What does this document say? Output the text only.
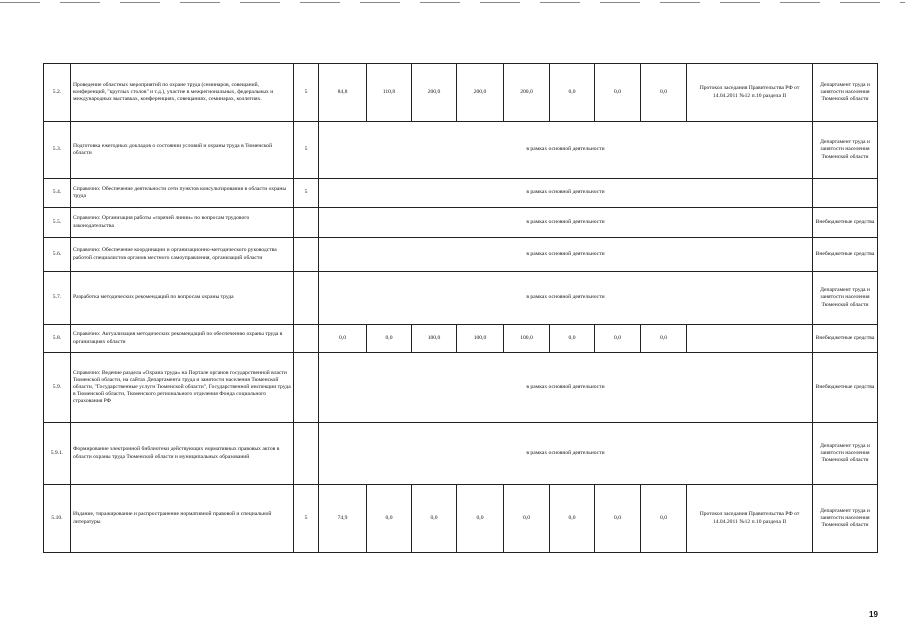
5.2.	Проведение областных мероприятий по охране труда (семинаров, совещаний, конференций, "круглых столов" и т.д.), участие в межрегиональных, федеральных и международных выставках, конференциях, совещаниях, семинарах, коллегиях.	5	84,8	110,8	200,0	200,0	200,0	0,0	0,0	0,0	Протокол заседания Правительства РФ от 14.04.2011 №12 п.10 раздела II	Департамент труда и занятости населения Тюменской области
5.3.	Подготовка ежегодных докладов о состоянии условий и охраны труда в Тюменской области	5	в рамках основной деятельности									Департамент труда и занятости населения Тюменской области
5.4.	Справочно: Обеспечение деятельности сети пунктов консультирования в области охраны труда	5	в рамках основной деятельности									
5.5.	Справочно: Организация работы «горячей линии» по вопросам трудового законодательства		в рамках основной деятельности									Внебюджетные средства
5.6.	Справочно: Обеспечение координации и организационно-методического руководства работой специалистов органов местного самоуправления, организаций области		в рамках основной деятельности									Внебюджетные средства
5.7.	Разработка методических рекомендаций по вопросам охраны труда		в рамках основной деятельности									Департамент труда и занятости населения Тюменской области
5.8.	Справочно: Актуализация методических рекомендаций по обеспечению охраны труда в организациях области		0,0	0,0	100,0	100,0	100,0	0,0	0,0	0,0		Внебюджетные средства
5.9.	Справочно: Ведение раздела «Охрана труда» на Портале органов государственной власти Тюменской области, на сайтах Департамента труда и занятости населения Тюменской области, "Государственные услуги Тюменской области", Государственной инспекции труда в Тюменской области, Тюменского регионального отделения Фонда социального страхования РФ		в рамках основной деятельности									Внебюджетные средства
5.9.1.	Формирование электронной библиотеки действующих нормативных правовых актов в области охраны труда Тюменской области и муниципальных образований		в рамках основной деятельности									Департамент труда и занятости населения Тюменской области
5.10.	Издание, тиражирование и распространение нормативной правовой и специальной литературы	5	74,9	0,0	0,0	0,0	0,0	0,0	0,0	0,0	Протокол заседания Правительства РФ от 14.04.2011 №12 п.10 раздела II	Департамент труда и занятости населения Тюменской области
19
